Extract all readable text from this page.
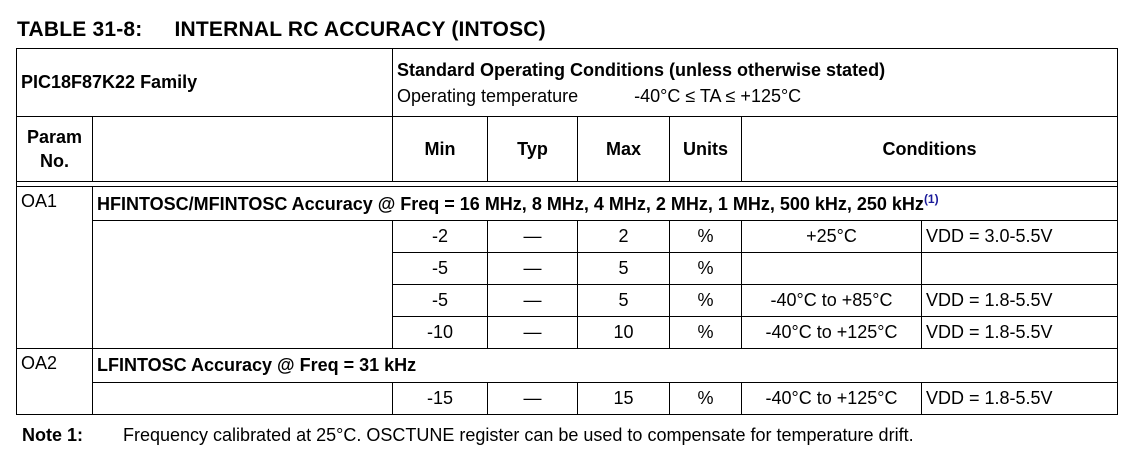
TABLE 31-8: INTERNAL RC ACCURACY (INTOSC)
PIC18F87K22 Family		Standard Operating Conditions (unless otherwise stated)
Operating temperature -40°C ≤ TA ≤ +125°C					

Param No.		Min	Typ	Max	Units	Conditions	

OA1	HFINTOSC/MFINTOSC Accuracy @ Freq = 16 MHz, 8 MHz, 4 MHz, 2 MHz, 1 MHz, 500 kHz, 250 kHz$^{(1)}$
		-2	—	2	%	+25°C	VDD = 3.0-5.5V
		-5	—	5	%		
		-5	—	5	%	-40°C to +85°C	VDD = 1.8-5.5V
		-10	—	10	%	-40°C to +125°C	VDD = 1.8-5.5V
OA2	LFINTOSC Accuracy @ Freq = 31 kHz						
		-15	—	15	%	-40°C to +125°C	VDD = 1.8-5.5V
Note 1: Frequency calibrated at 25°C. OSCTUNE register can be used to compensate for temperature drift.
